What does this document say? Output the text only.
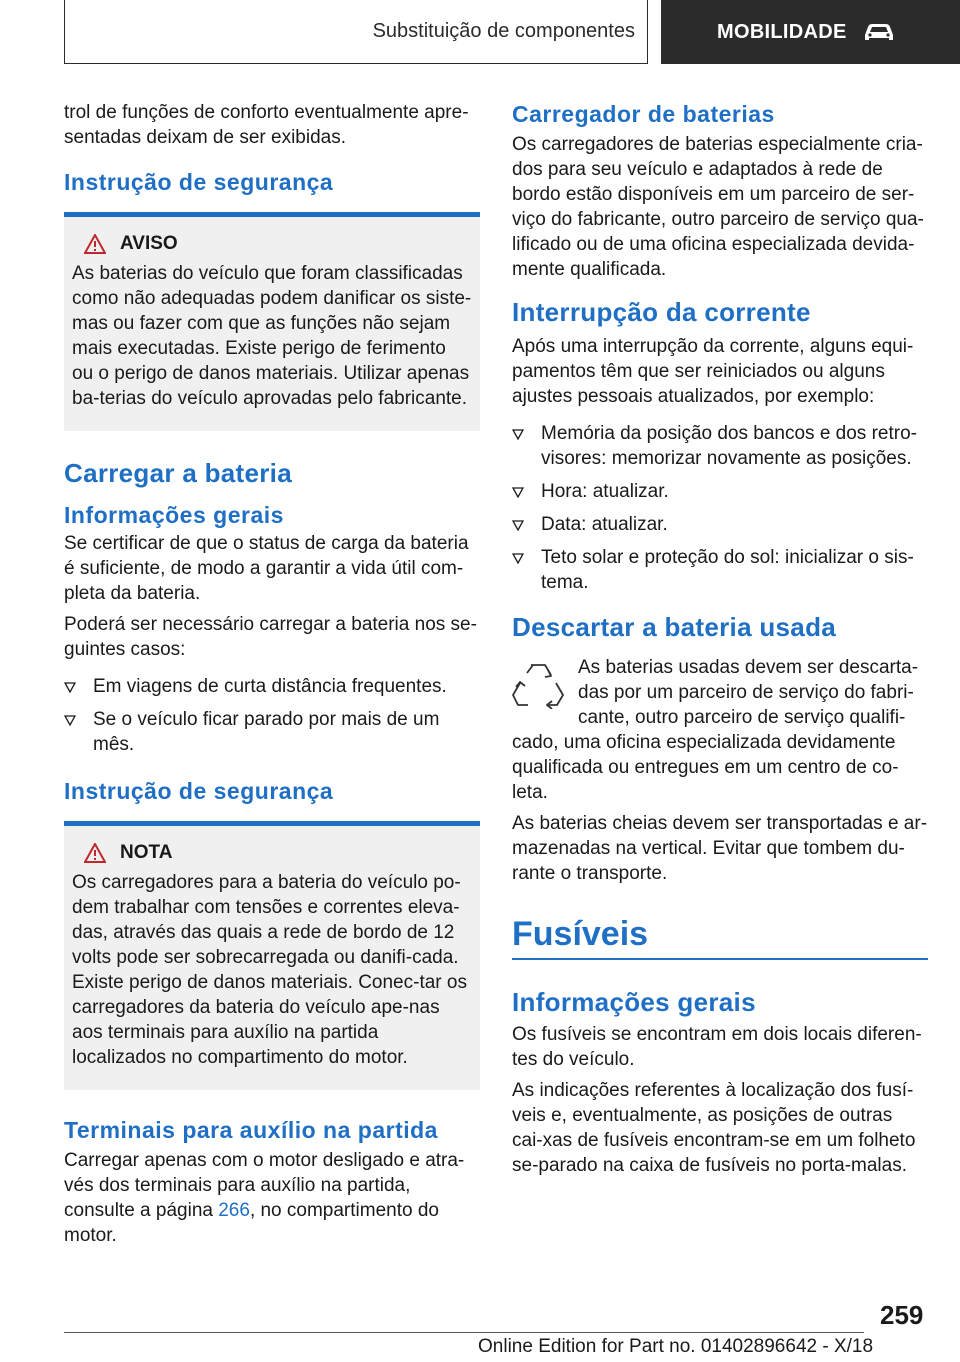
Substituição de componentes	MOBILIDADE

trol de funções de conforto eventualmente apre-sentadas deixam de ser exibidas.

Instrução de segurança
AVISO

As baterias do veículo que foram classificadas como não adequadas podem danificar os siste-mas ou fazer com que as funções não sejam mais executadas. Existe perigo de ferimento ou o perigo de danos materiais. Utilizar apenas ba-terias do veículo aprovadas pelo fabricante.

Carregar a bateria
Informações gerais

Se certificar de que o status de carga da bateria é suficiente, de modo a garantir a vida útil com-pleta da bateria.

Poderá ser necessário carregar a bateria nos se-guintes casos:

Em viagens de curta distância frequentes.
Se o veículo ficar parado por mais de um mês.
Instrução de segurança
NOTA

Os carregadores para a bateria do veículo po-dem trabalhar com tensões e correntes eleva-das, através das quais a rede de bordo de 12 volts pode ser sobrecarregada ou danifi-cada. Existe perigo de danos materiais. Conec-tar os carregadores da bateria do veículo ape-nas aos terminais para auxílio na partida localizados no compartimento do motor.

Terminais para auxílio na partida

Carregar apenas com o motor desligado e atra-vés dos terminais para auxílio na partida, consulte a página 266, no compartimento do motor.

Carregador de baterias

Os carregadores de baterias especialmente cria-dos para seu veículo e adaptados à rede de bordo estão disponíveis em um parceiro de ser-viço do fabricante, outro parceiro de serviço qua-lificado ou de uma oficina especializada devida-mente qualificada.

Interrupção da corrente

Após uma interrupção da corrente, alguns equi-pamentos têm que ser reiniciados ou alguns ajustes pessoais atualizados, por exemplo:

Memória da posição dos bancos e dos retro-visores: memorizar novamente as posições.
Hora: atualizar.
Data: atualizar.
Teto solar e proteção do sol: inicializar o sis-tema.
Descartar a bateria usada

As baterias usadas devem ser descarta-das por um parceiro de serviço do fabri-cante, outro parceiro de serviço qualifi-cado, uma oficina especializada devidamente qualificada ou entregues em um centro de co-leta.

As baterias cheias devem ser transportadas e ar-mazenadas na vertical. Evitar que tombem du-rante o transporte.

Fusíveis
Informações gerais

Os fusíveis se encontram em dois locais diferen-tes do veículo.

As indicações referentes à localização dos fusí-veis e, eventualmente, as posições de outras cai-xas de fusíveis encontram-se em um folheto se-parado na caixa de fusíveis no porta-malas.

259
Online Edition for Part no. 01402896642 - X/18
